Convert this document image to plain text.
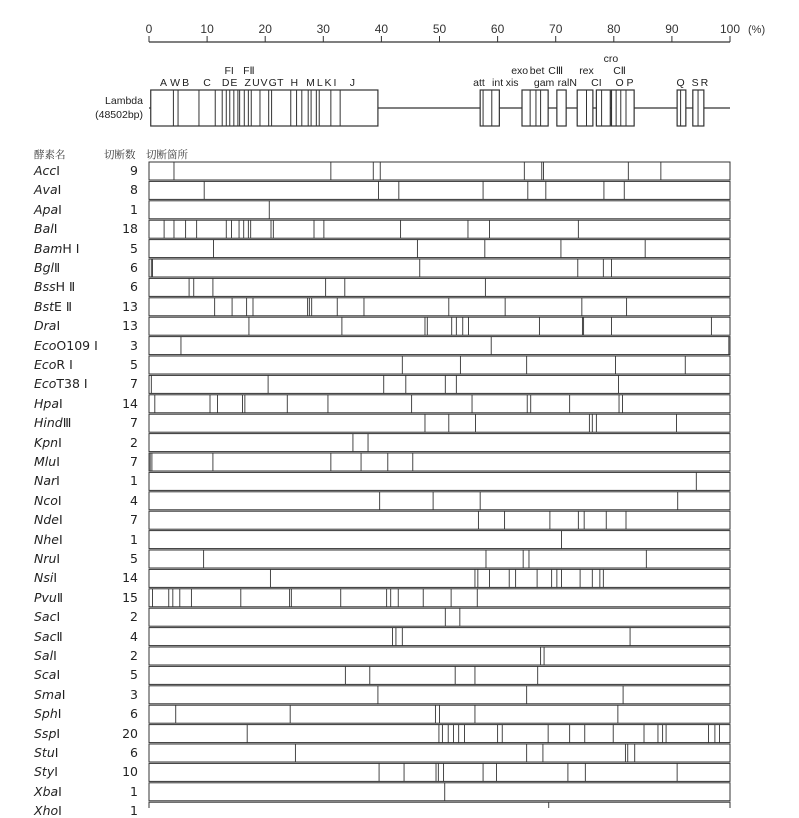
0	10	20	30	40	50	60	70	80	90	100 (%)
A W B C D E
FI FⅡ
Z U V G T H M L K I J	att int xis
exo bet CⅢ
gam ralN
rex
cro
CⅡ
CI O P	Q S R
Lambda
(48502bp)
酵素名	切断数 切断箇所
AccI	9
AvaI	8
ApaI	1
BalI	18
BamH I	5
BglⅡ	6
BssH Ⅱ	6
BstE Ⅱ	13
DraI	13
EcoO109 I	3
EcoR I	5
EcoT38 I	7
HpaI	14
HindⅢ	7
KpnI	2
MluI	7
NarI	1
NcoI	4
NdeI	7
NheI	1
NruI	5
NsiI	14
PvuⅡ	15
SacI	2
SacⅡ	4
SalI	2
ScaI	5
SmaI	3
SphI	6
SspI	20
StuI	6
StyI	10
XbaI	1
XhoI	1
